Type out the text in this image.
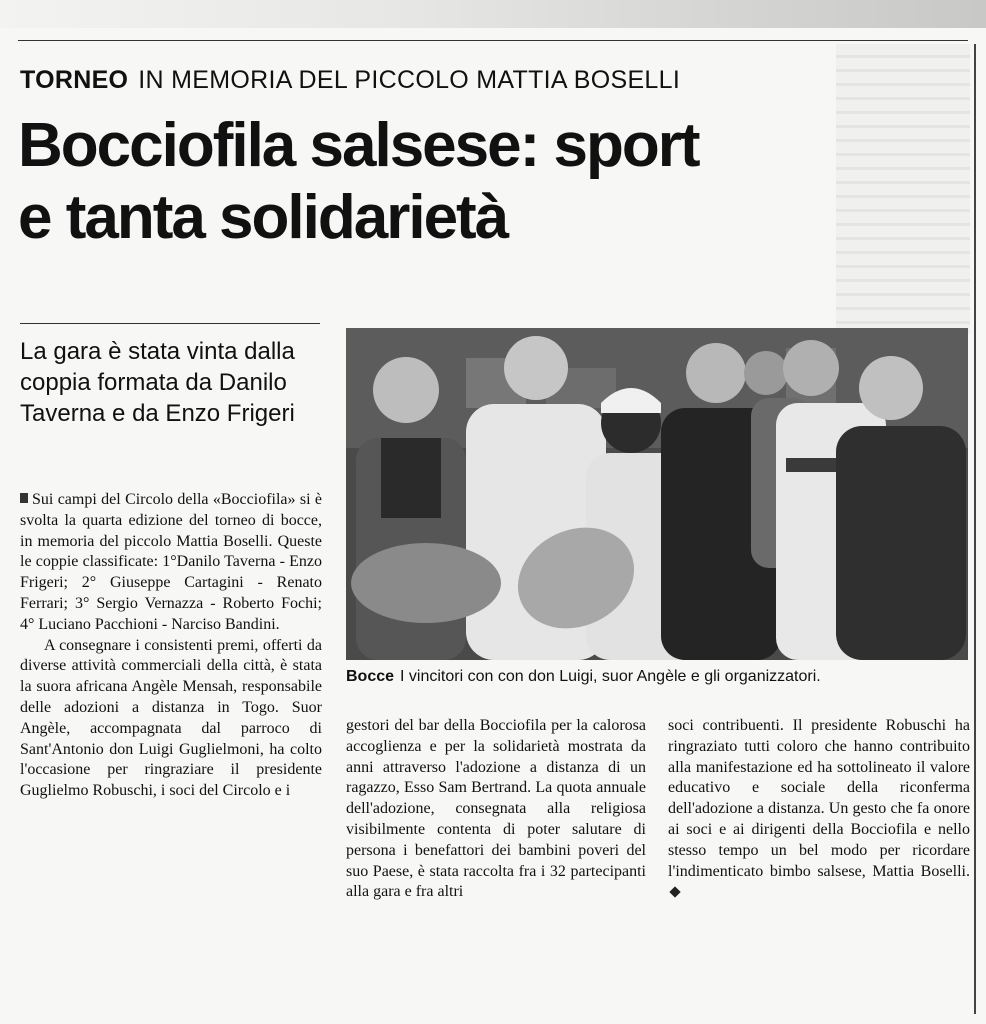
TORNEO IN MEMORIA DEL PICCOLO MATTIA BOSELLI
Bocciofila salsese: sport
e tanta solidarietà
La gara è stata vinta dalla coppia formata da Danilo Taverna e da Enzo Frigeri

Sui campi del Circolo della «Bocciofila» si è svolta la quarta edizione del torneo di bocce, in memoria del piccolo Mattia Boselli. Queste le coppie classificate: 1°Danilo Taverna - Enzo Frigeri; 2° Giuseppe Cartagini - Renato Ferrari; 3° Sergio Vernazza - Roberto Fochi; 4° Luciano Pacchioni - Narciso Bandini.

A consegnare i consistenti premi, offerti da diverse attività commerciali della città, è stata la suora africana Angèle Mensah, responsabile delle adozioni a distanza in Togo. Suor Angèle, accompagnata dal parroco di Sant'Antonio don Luigi Guglielmoni, ha colto l'occasione per ringraziare il presidente Guglielmo Robuschi, i soci del Circolo e i

Bocce I vincitori con con don Luigi, suor Angèle e gli organizzatori.

gestori del bar della Bocciofila per la calorosa accoglienza e per la solidarietà mostrata da anni attraverso l'adozione a distanza di un ragazzo, Esso Sam Bertrand. La quota annuale dell'adozione, consegnata alla religiosa visibilmente contenta di poter salutare di persona i benefattori dei bambini poveri del suo Paese, è stata raccolta fra i 32 partecipanti alla gara e fra altri

soci contribuenti. Il presidente Robuschi ha ringraziato tutti coloro che hanno contribuito alla manifestazione ed ha sottolineato il valore educativo e sociale della riconferma dell'adozione a distanza. Un gesto che fa onore ai soci e ai dirigenti della Bocciofila e nello stesso tempo un bel modo per ricordare l'indimenticato bimbo salsese, Mattia Boselli.
